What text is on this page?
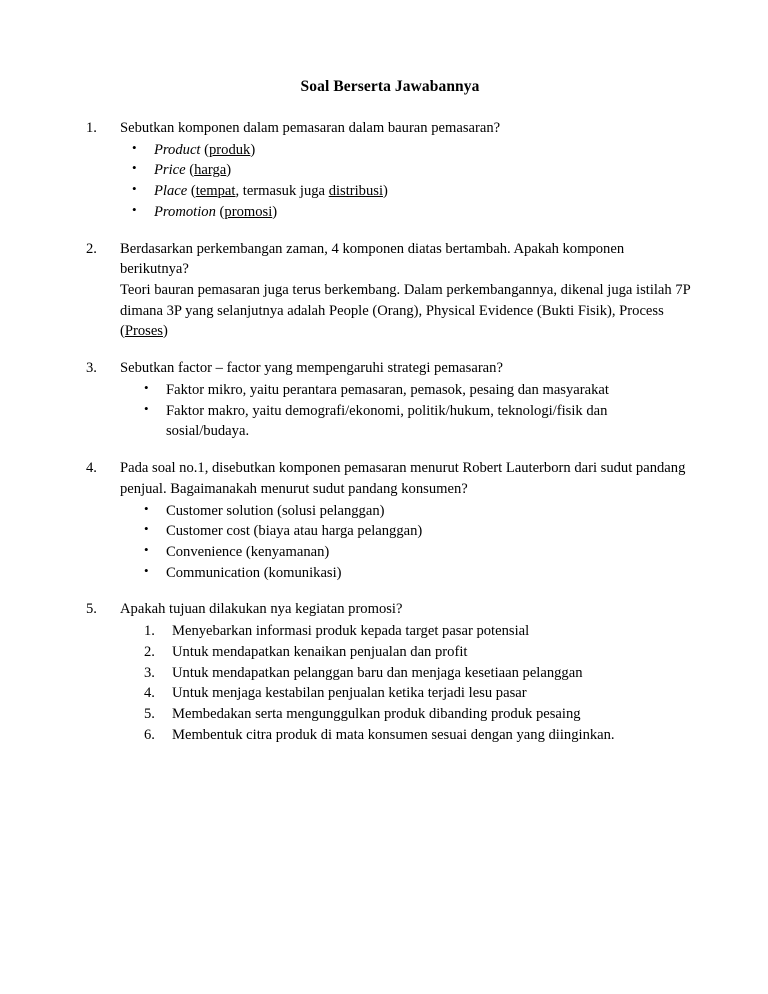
Soal Berserta Jawabannya
1.	Sebutkan komponen dalam pemasaran dalam bauran pemasaran?
• Product (produk)
• Price (harga)
• Place (tempat, termasuk juga distribusi)
• Promotion (promosi)
2.	Berdasarkan perkembangan zaman, 4 komponen diatas bertambah. Apakah komponen berikutnya?
Teori bauran pemasaran juga terus berkembang. Dalam perkembangannya, dikenal juga istilah 7P dimana 3P yang selanjutnya adalah People (Orang), Physical Evidence (Bukti Fisik), Process (Proses)
3.	Sebutkan factor – factor yang mempengaruhi strategi pemasaran?
• Faktor mikro, yaitu perantara pemasaran, pemasok, pesaing dan masyarakat
• Faktor makro, yaitu demografi/ekonomi, politik/hukum, teknologi/fisik dan sosial/budaya.
4.	Pada soal no.1, disebutkan komponen pemasaran menurut Robert Lauterborn dari sudut pandang penjual. Bagaimanakah menurut sudut pandang konsumen?
• Customer solution (solusi pelanggan)
• Customer cost (biaya atau harga pelanggan)
• Convenience (kenyamanan)
• Communication (komunikasi)
5.	Apakah tujuan dilakukan nya kegiatan promosi?
1.	Menyebarkan informasi produk kepada target pasar potensial
2.	Untuk mendapatkan kenaikan penjualan dan profit
3.	Untuk mendapatkan pelanggan baru dan menjaga kesetiaan pelanggan
4.	Untuk menjaga kestabilan penjualan ketika terjadi lesu pasar
5.	Membedakan serta mengunggulkan produk dibanding produk pesaing
6.	Membentuk citra produk di mata konsumen sesuai dengan yang diinginkan.
